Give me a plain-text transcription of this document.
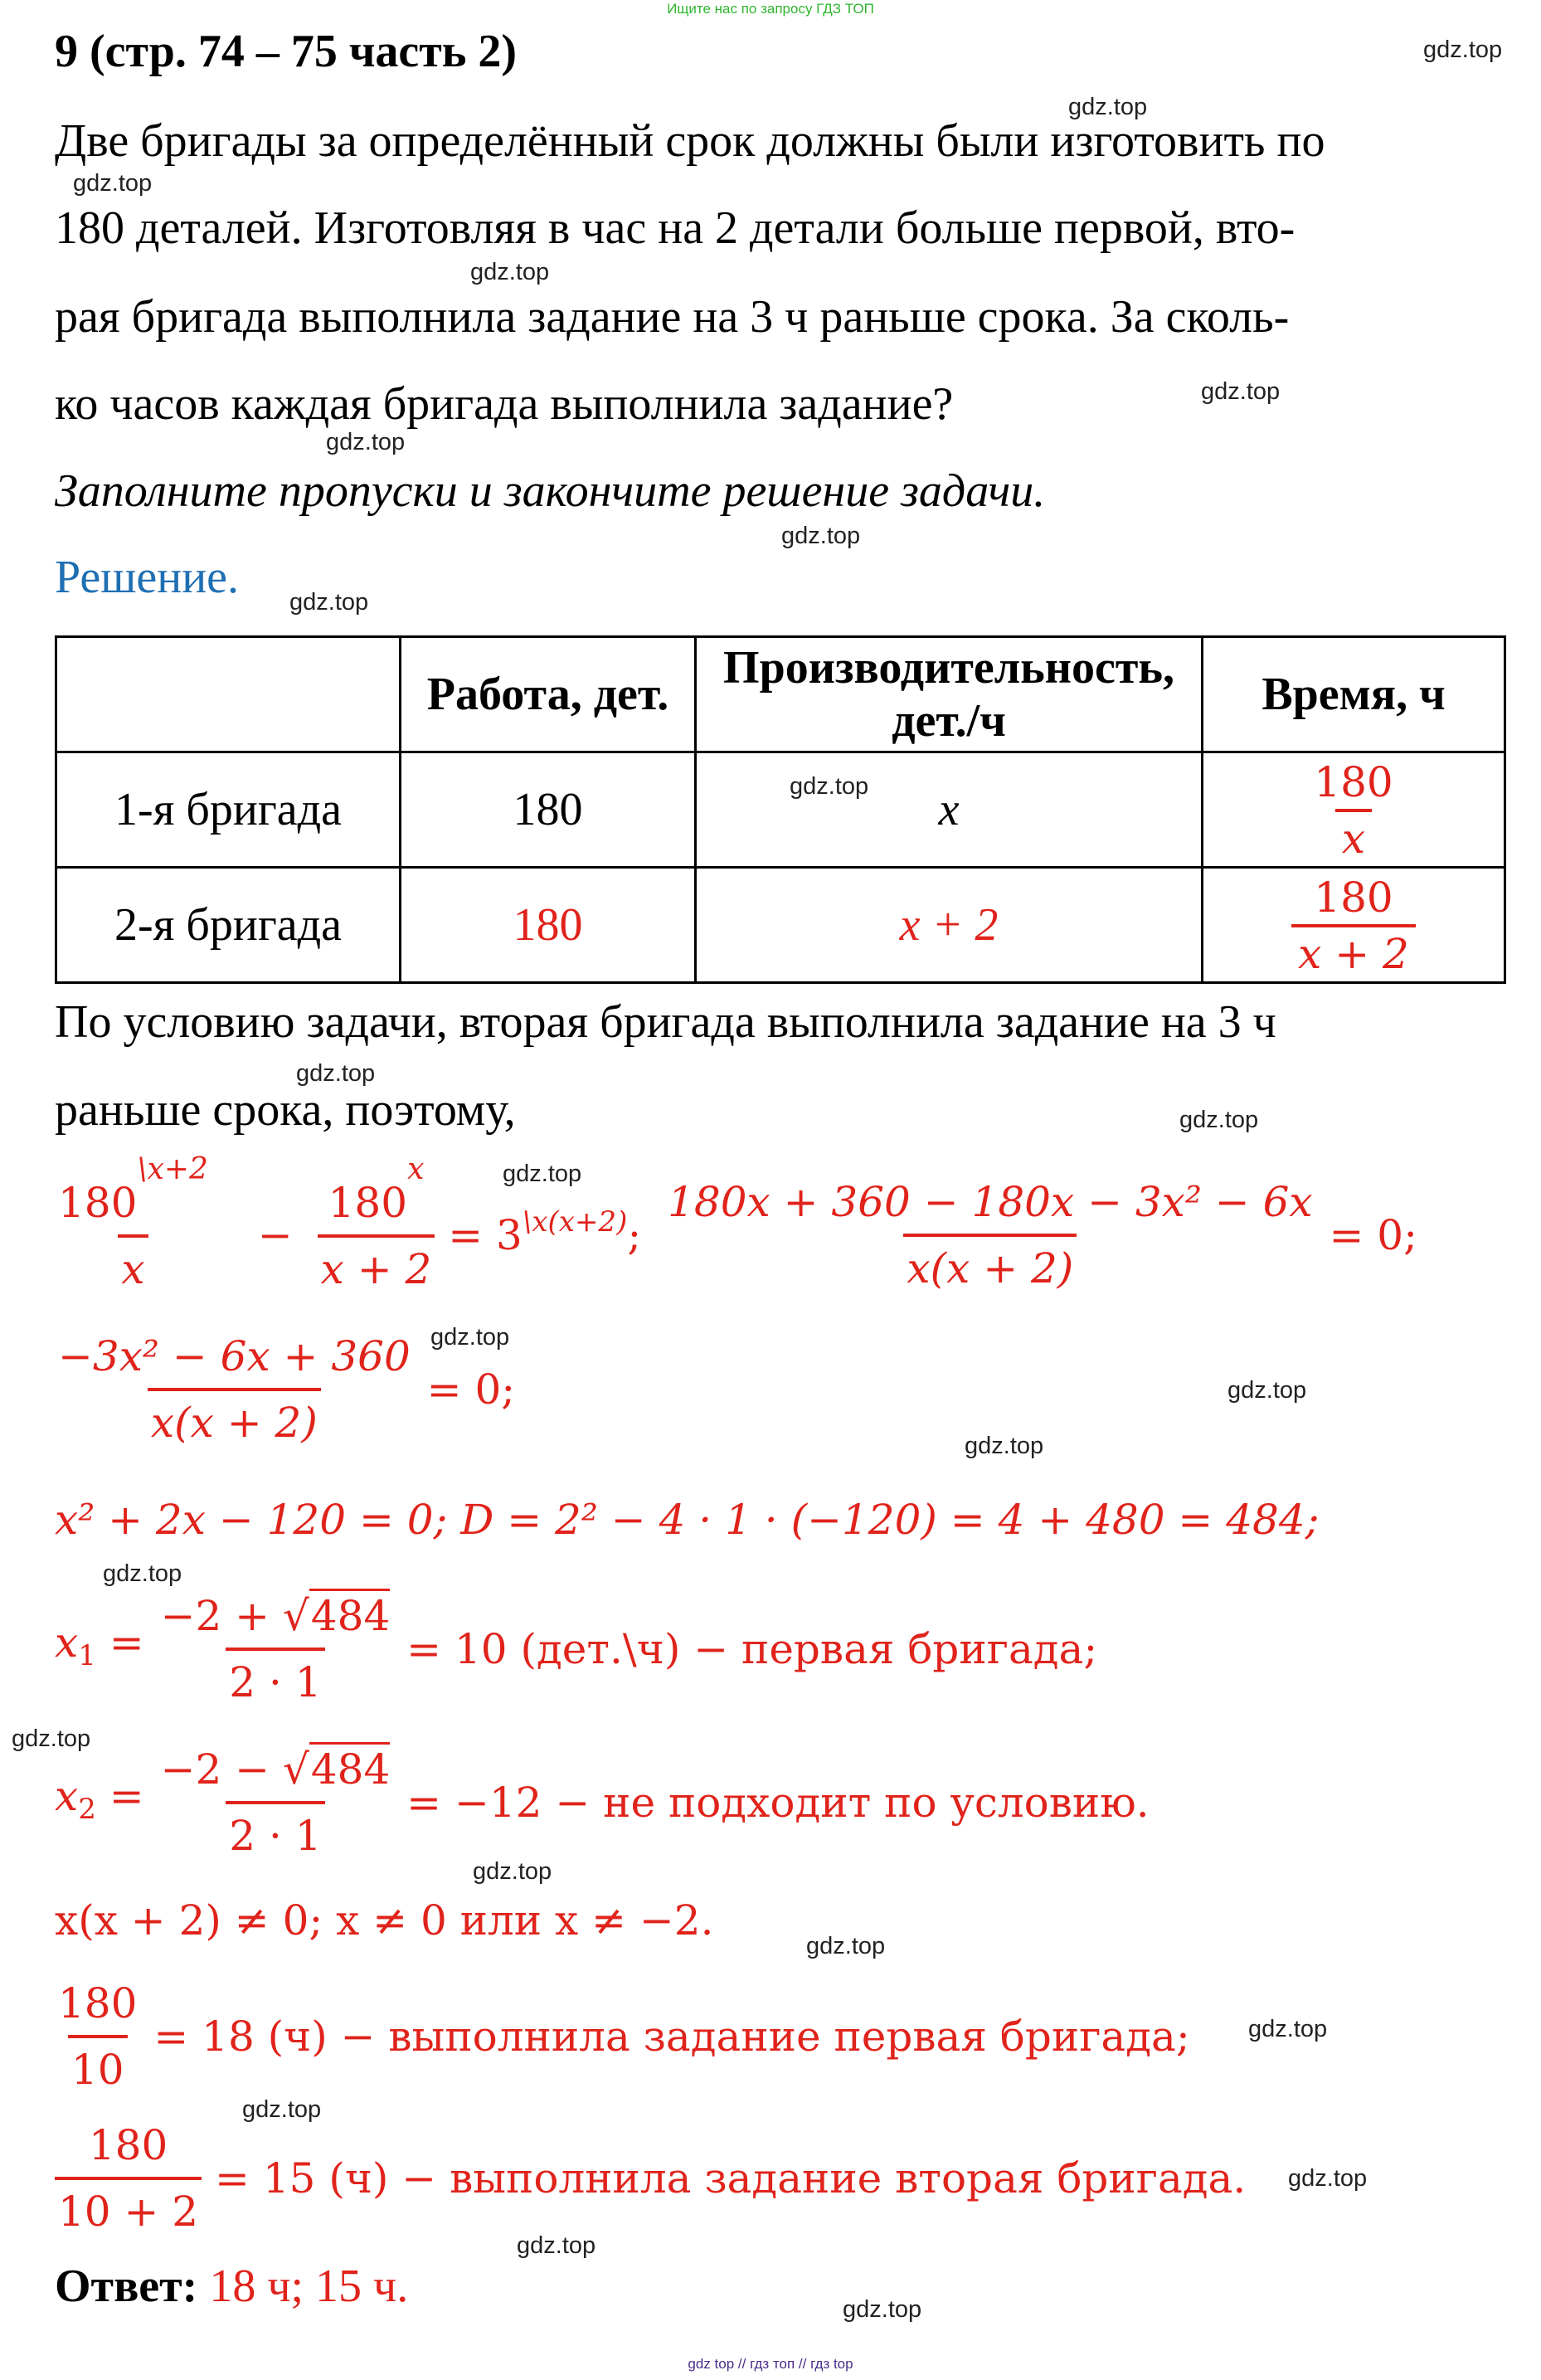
Ищите нас по запросу ГДЗ ТОП
9 (стр. 74 – 75 часть 2)
Две бригады за определённый срок должны были изготовить по
180 деталей. Изготовляя в час на 2 детали больше первой, вто-
рая бригада выполнила задание на 3 ч раньше срока. За сколь-
ко часов каждая бригада выполнила задание?
Заполните пропуски и закончите решение задачи.
Решение.
	Работа, дет.	Производительность,
дет./ч	Время, ч
1-я бригада	180	x	$\frac{180}{x}$

2-я бригада	180	x + 2	$\frac{180}{x + 2}$
По условию задачи, вторая бригада выполнила задание на 3 ч
раньше срока, поэтому,
$\frac{180^{\backslash x+2}}{x} - \frac{180^x}{x + 2} = 3^{\backslash x(x+2)}$; $\frac{\text{180x + 360 − 180x − 3x² − 6x}}{x(x + 2)} = 0$;
$\frac{\text{−3x² − 6x + 360}}{x(x + 2)} = 0$;
x² + 2x − 120 = 0; D = 2² − 4 · 1 · (−120) = 4 + 480 = 484;
$x_1 = \frac{-2 + √484}{2 \cdot 1} = 10$ (дет.\ч) − первая бригада;
$x_2 = \frac{-2 - √484}{2 \cdot 1} = -12$ − не подходит по условию.
x(x + 2) ≠ 0; x ≠ 0 или x ≠ −2.
$\frac{180}{10} = 18$ (ч) − выполнила задание первая бригада;
$\frac{180}{10 + 2} = 15$ (ч) − выполнила задание вторая бригада.
Ответ: 18 ч; 15 ч.
gdz.top
gdz.top
gdz.top
gdz.top
gdz.top
gdz.top
gdz.top
gdz.top
gdz.top
gdz.top
gdz.top
gdz.top
gdz.top
gdz.top
gdz.top
gdz.top
gdz.top
gdz.top
gdz.top
gdz.top
gdz.top
gdz.top
gdz.top
gdz.top
gdz top // гдз топ // гдз top
